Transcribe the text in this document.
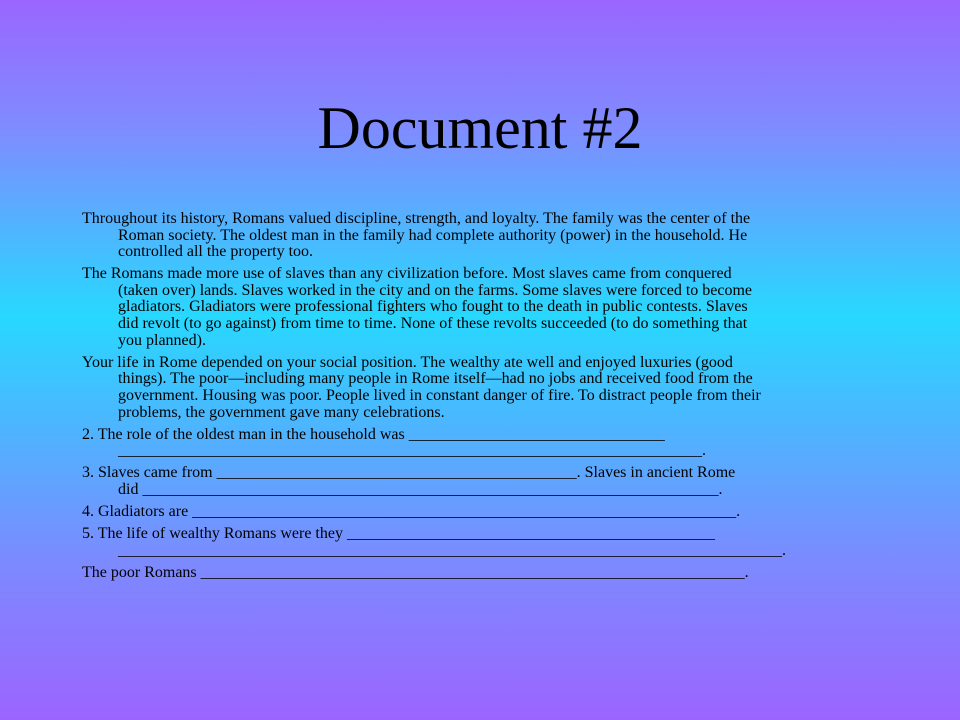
Document #2

Throughout its history, Romans valued discipline, strength, and loyalty. The family was the center of the
Roman society. The oldest man in the family had complete authority (power) in the household. He
controlled all the property too.

The Romans made more use of slaves than any civilization before. Most slaves came from conquered
(taken over) lands. Slaves worked in the city and on the farms. Some slaves were forced to become
gladiators. Gladiators were professional fighters who fought to the death in public contests. Slaves
did revolt (to go against) from time to time. None of these revolts succeeded (to do something that
you planned).

Your life in Rome depended on your social position. The wealthy ate well and enjoyed luxuries (good
things). The poor—including many people in Rome itself—had no jobs and received food from the
government. Housing was poor. People lived in constant danger of fire. To distract people from their
problems, the government gave many celebrations.

2. The role of the oldest man in the household was ________________________________
_________________________________________________________________________.

3. Slaves came from _____________________________________________. Slaves in ancient Rome
did ________________________________________________________________________.

4. Gladiators are ____________________________________________________________________.

5. The life of wealthy Romans were they ______________________________________________
___________________________________________________________________________________.

The poor Romans ____________________________________________________________________.
